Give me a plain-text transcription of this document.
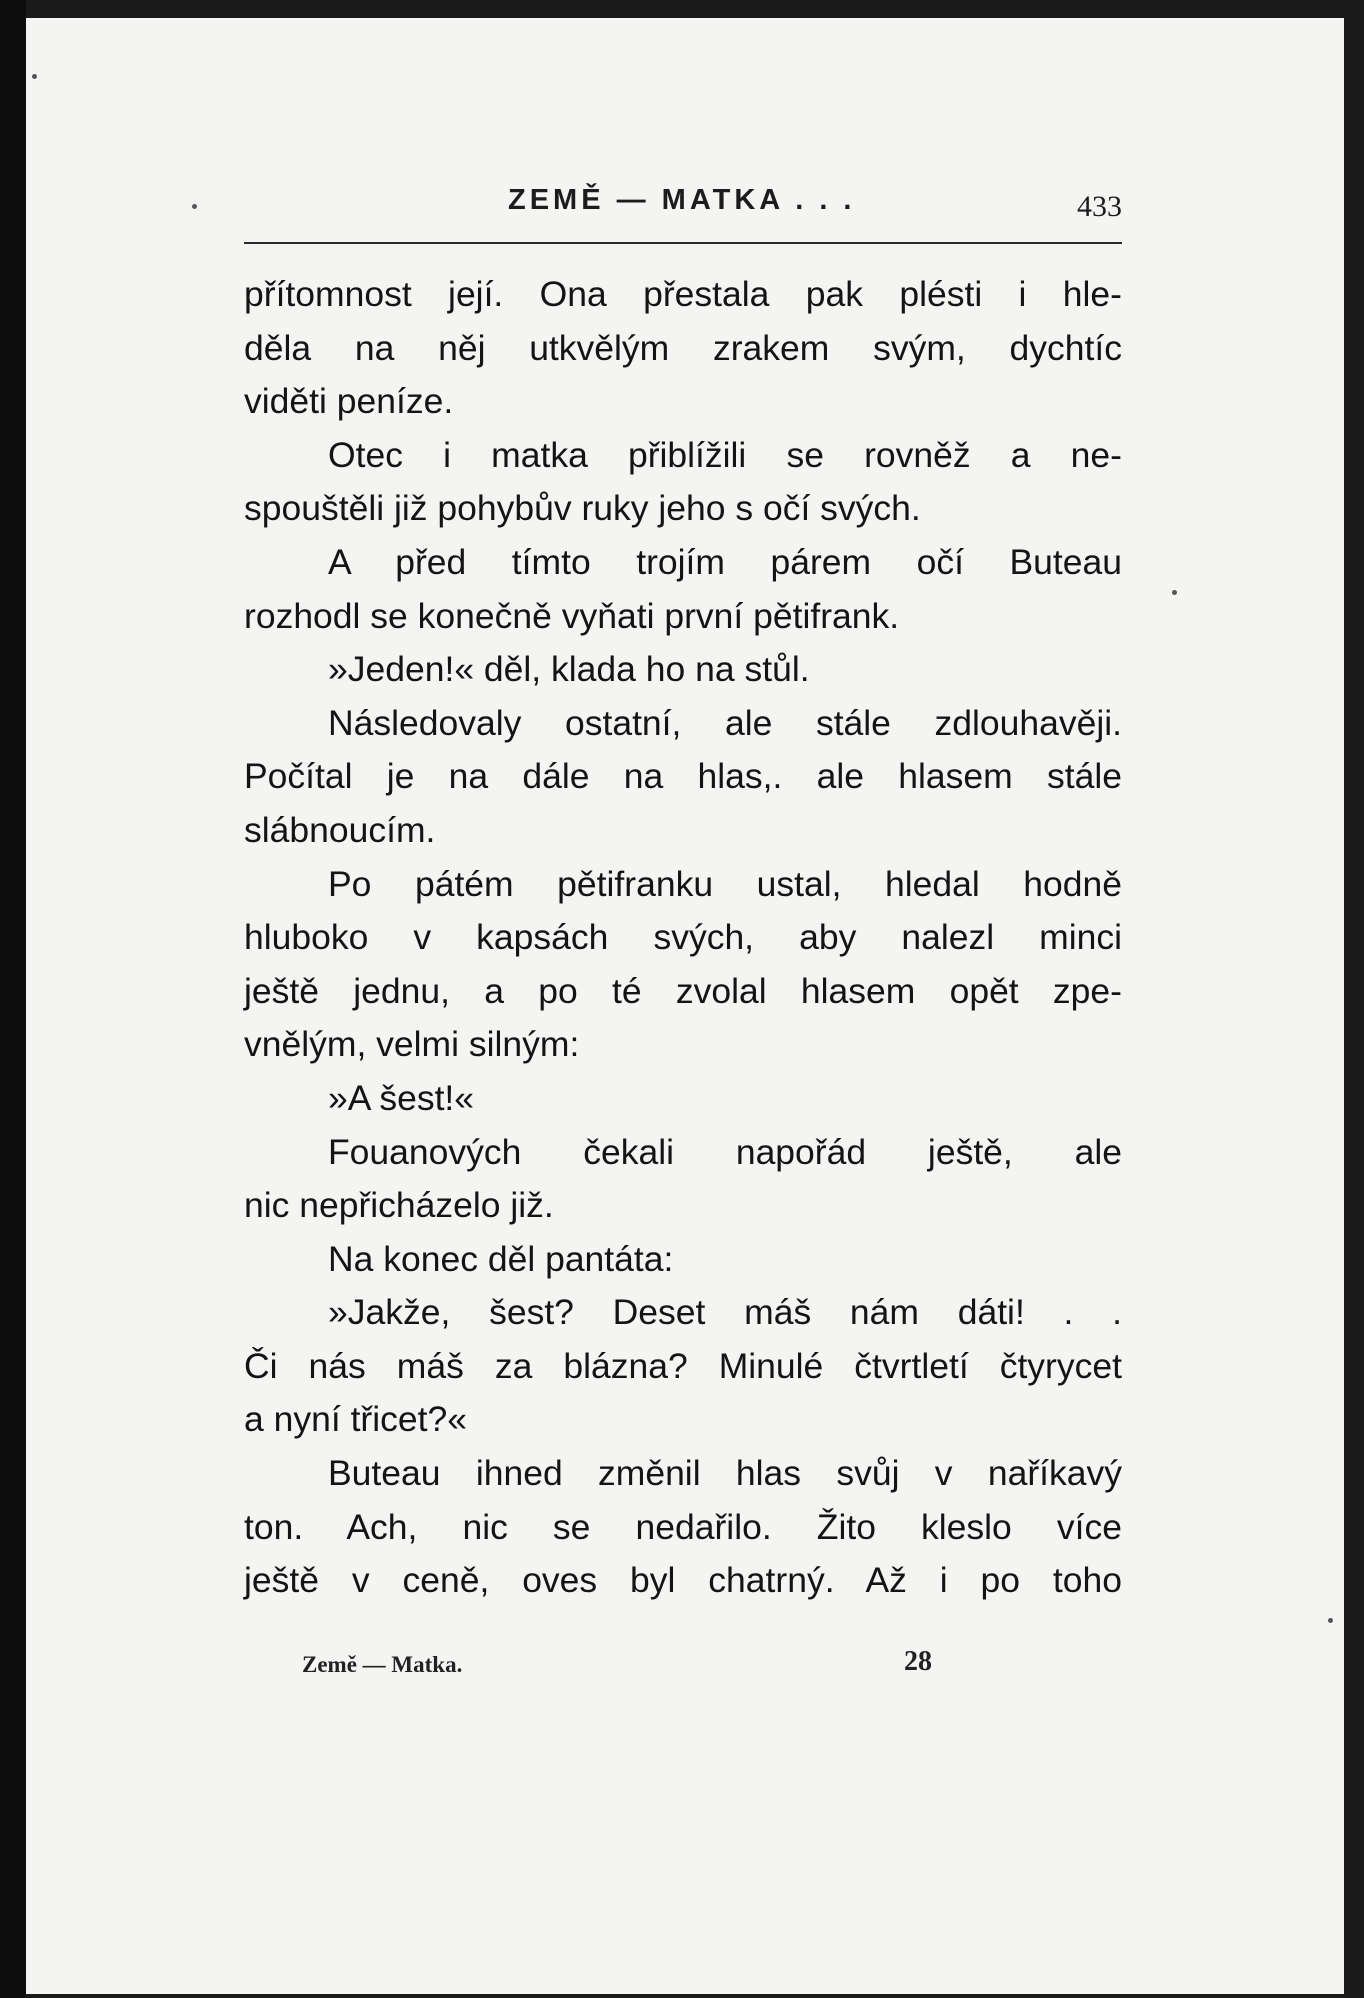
ZEMĚ — MATKA . . .	433
přítomnost její. Ona přestala pak plésti i hle-
děla na něj utkvělým zrakem svým, dychtíc
viděti peníze.
Otec i matka přiblížili se rovněž a ne-
spouštěli již pohybův ruky jeho s očí svých.
A před tímto trojím párem očí Buteau
rozhodl se konečně vyňati první pětifrank.
»Jeden!« děl, klada ho na stůl.
Následovaly ostatní, ale stále zdlouhavěji.
Počítal je na dále na hlas,. ale hlasem stále
slábnoucím.
Po pátém pětifranku ustal, hledal hodně
hluboko v kapsách svých, aby nalezl minci
ještě jednu, a po té zvolal hlasem opět zpe-
vnělým, velmi silným:
»A šest!«
Fouanových čekali napořád ještě, ale
nic nepřicházelo již.
Na konec děl pantáta:
»Jakže, šest? Deset máš nám dáti! . .
Či nás máš za blázna? Minulé čtvrtletí čtyrycet
a nyní třicet?«
Buteau ihned změnil hlas svůj v naříkavý
ton. Ach, nic se nedařilo. Žito kleslo více
ještě v ceně, oves byl chatrný. Až i po toho
Země — Matka.	28
